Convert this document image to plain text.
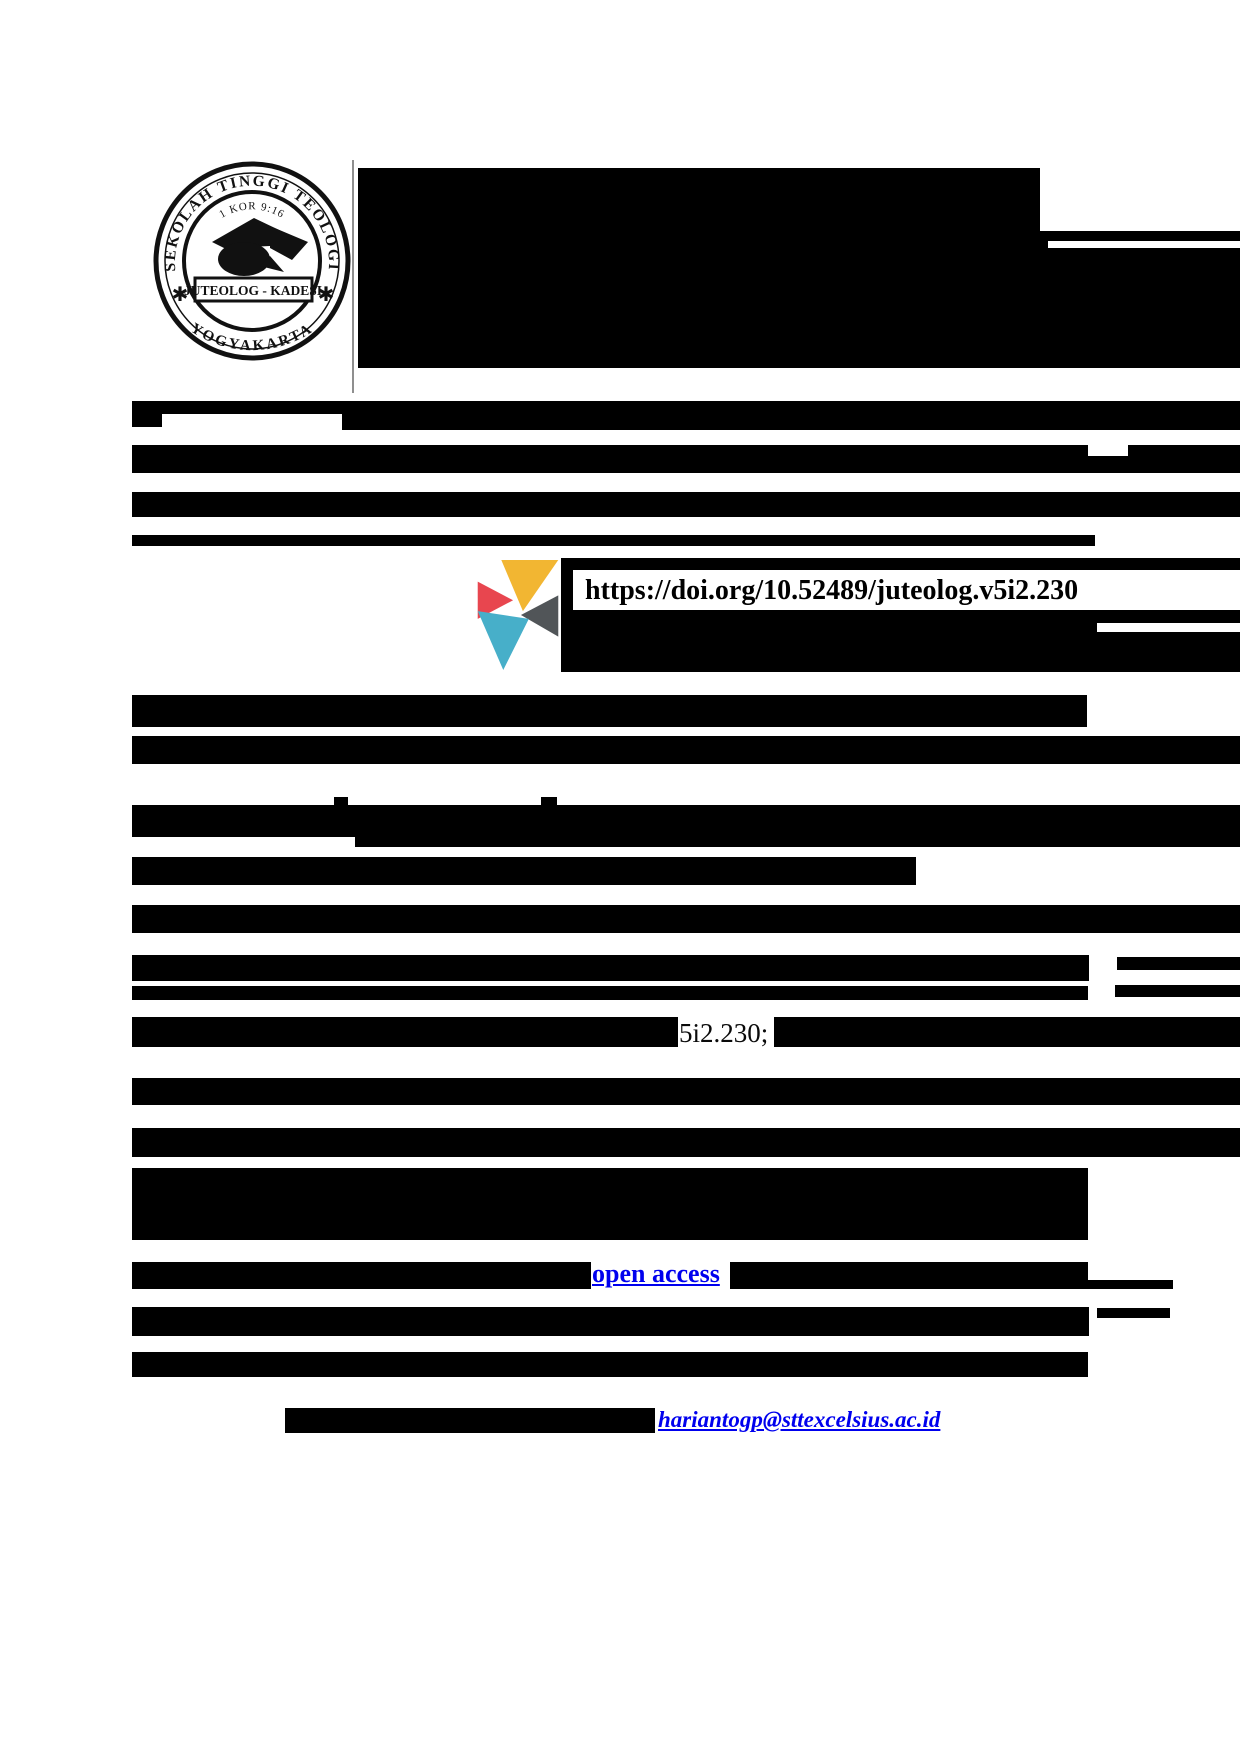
SEKOLAH TINGGI TEOLOGI
1 KOR 9:16
YOGYAKARTA
JUTEOLOG - KADESI
✱	✱
https://doi.org/10.52489/juteolog.v5i2.230
5i2.230;
open access
hariantogp@sttexcelsius.ac.id
